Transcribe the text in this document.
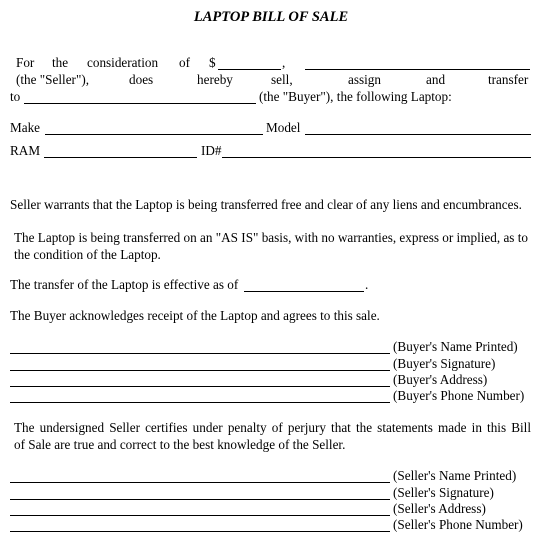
LAPTOP BILL OF SALE
For the consideration of $	,
(the "Seller"),	does	hereby	sell,	assign	and	transfer
to	(the "Buyer"), the following Laptop:
Make	Model
RAM	ID#
Seller warrants that the Laptop is being transferred free and clear of any liens and encumbrances.
The Laptop is being transferred on an "AS IS" basis, with no warranties, express or implied, as to
the condition of the Laptop.
The transfer of the Laptop is effective as of	.
The Buyer acknowledges receipt of the Laptop and agrees to this sale.
(Buyer's Name Printed)
(Buyer's Signature)
(Buyer's Address)
(Buyer's Phone Number)
The undersigned Seller certifies under penalty of perjury that the statements made in this Bill
of Sale are true and correct to the best knowledge of the Seller.
(Seller's Name Printed)
(Seller's Signature)
(Seller's Address)
(Seller's Phone Number)
